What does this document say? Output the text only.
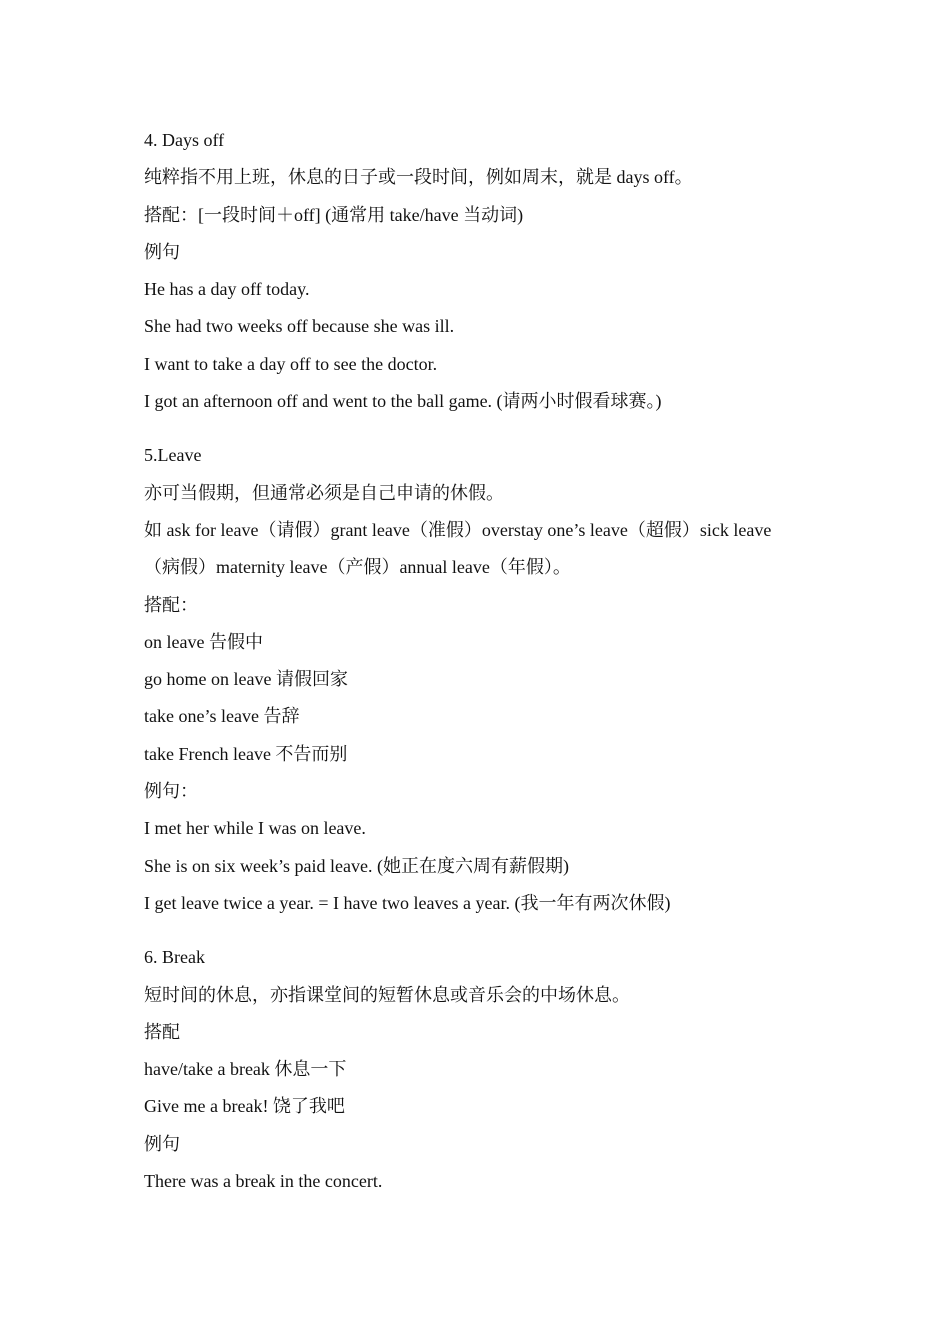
4. Days off

纯粹指不用上班，休息的日子或一段时间，例如周末，就是 days off。

搭配：[一段时间＋off] (通常用 take/have 当动词)

例句

He has a day off today.

She had two weeks off because she was ill.

I want to take a day off to see the doctor.

I got an afternoon off and went to the ball game. (请两小时假看球赛。)

5.Leave

亦可当假期，但通常必须是自己申请的休假。

如 ask for leave（请假）grant leave（准假）overstay one’s leave（超假）sick leave

（病假）maternity leave（产假）annual leave（年假）。

搭配：

on leave 告假中

go home on leave 请假回家

take one’s leave 告辞

take French leave 不告而别

例句：

I met her while I was on leave.

She is on six week’s paid leave. (她正在度六周有薪假期)

I get leave twice a year. = I have two leaves a year. (我一年有两次休假)

6. Break

短时间的休息，亦指课堂间的短暂休息或音乐会的中场休息。

搭配

have/take a break 休息一下

Give me a break! 饶了我吧

例句

There was a break in the concert.
